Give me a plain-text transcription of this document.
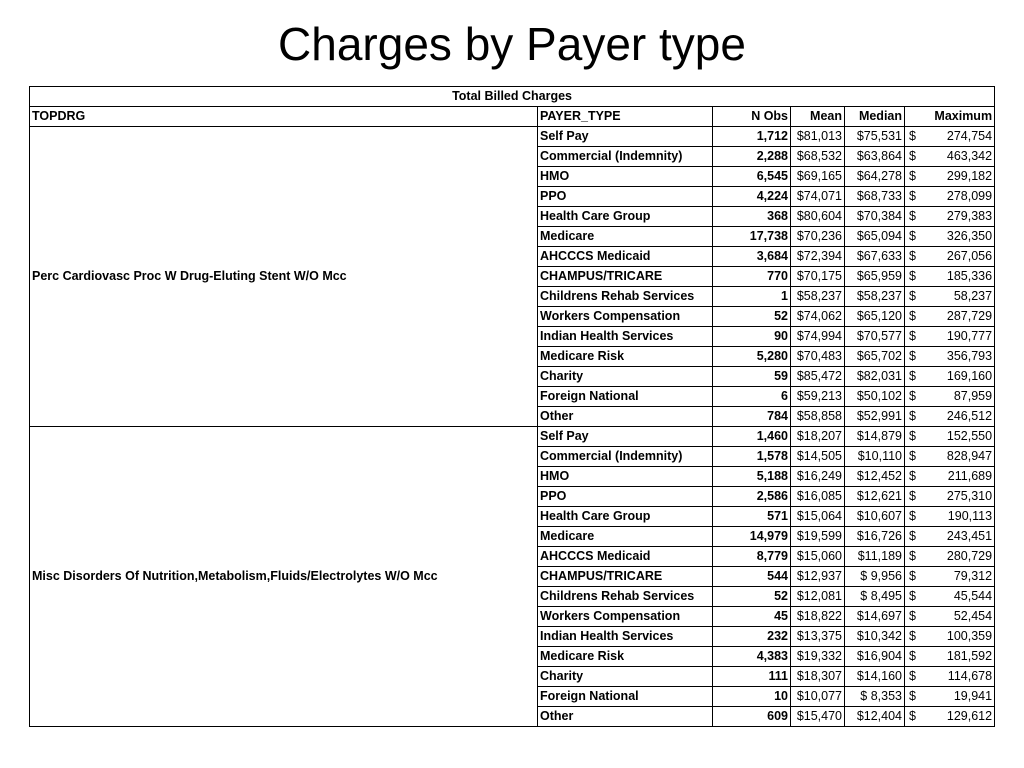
Charges by Payer type
Total Billed Charges					
TOPDRG	PAYER_TYPE	N Obs	Mean	Median	Maximum
Perc Cardiovasc Proc W Drug-Eluting Stent W/O Mcc	Self Pay	1,712	$81,013	$75,531	$ 274,754

	Commercial (Indemnity)	2,288	$68,532	$63,864	$ 463,342

	HMO	6,545	$69,165	$64,278	$ 299,182

	PPO	4,224	$74,071	$68,733	$ 278,099

	Health Care Group	368	$80,604	$70,384	$ 279,383

	Medicare	17,738	$70,236	$65,094	$ 326,350

	AHCCCS Medicaid	3,684	$72,394	$67,633	$ 267,056

	CHAMPUS/TRICARE	770	$70,175	$65,959	$ 185,336

	Childrens Rehab Services	1	$58,237	$58,237	$ 58,237

	Workers Compensation	52	$74,062	$65,120	$ 287,729

	Indian Health Services	90	$74,994	$70,577	$ 190,777

	Medicare Risk	5,280	$70,483	$65,702	$ 356,793

	Charity	59	$85,472	$82,031	$ 169,160

	Foreign National	6	$59,213	$50,102	$ 87,959

	Other	784	$58,858	$52,991	$ 246,512

Misc Disorders Of Nutrition,Metabolism,Fluids/Electrolytes W/O Mcc	Self Pay	1,460	$18,207	$14,879	$ 152,550

	Commercial (Indemnity)	1,578	$14,505	$10,110	$ 828,947

	HMO	5,188	$16,249	$12,452	$ 211,689

	PPO	2,586	$16,085	$12,621	$ 275,310

	Health Care Group	571	$15,064	$10,607	$ 190,113

	Medicare	14,979	$19,599	$16,726	$ 243,451

	AHCCCS Medicaid	8,779	$15,060	$11,189	$ 280,729

	CHAMPUS/TRICARE	544	$12,937	$ 9,956	$ 79,312

	Childrens Rehab Services	52	$12,081	$ 8,495	$ 45,544

	Workers Compensation	45	$18,822	$14,697	$ 52,454

	Indian Health Services	232	$13,375	$10,342	$ 100,359

	Medicare Risk	4,383	$19,332	$16,904	$ 181,592

	Charity	111	$18,307	$14,160	$ 114,678

	Foreign National	10	$10,077	$ 8,353	$ 19,941

	Other	609	$15,470	$12,404	$ 129,612
